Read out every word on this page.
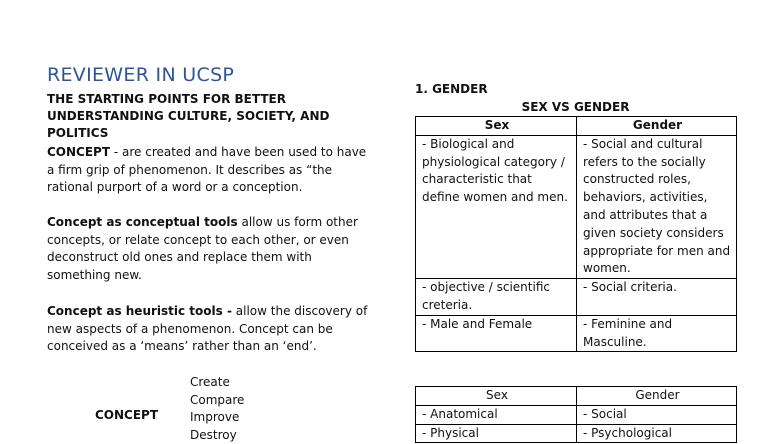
REVIEWER IN UCSP
THE STARTING POINTS FOR BETTER UNDERSTANDING CULTURE, SOCIETY, AND POLITICS
CONCEPT - are created and have been used to have a firm grip of phenomenon. It describes as “the rational purport of a word or a conception.
Concept as conceptual tools allow us form other concepts, or relate concept to each other, or even deconstruct old ones and replace them with something new.
Concept as heuristic tools - allow the discovery of new aspects of a phenomenon. Concept can be conceived as a ‘means’ rather than an ‘end’.
CONCEPT
Create
Compare
Improve
Destroy
1. GENDER
SEX VS GENDER
Sex	Gender
- Biological and physiological category / characteristic that define women and men.	- Social and cultural refers to the socially constructed roles, behaviors, activities, and attributes that a given society considers appropriate for men and women.
- objective / scientific creteria.	- Social criteria.
- Male and Female	- Feminine and Masculine.
Sex	Gender
- Anatomical	- Social
- Physical	- Psychological
